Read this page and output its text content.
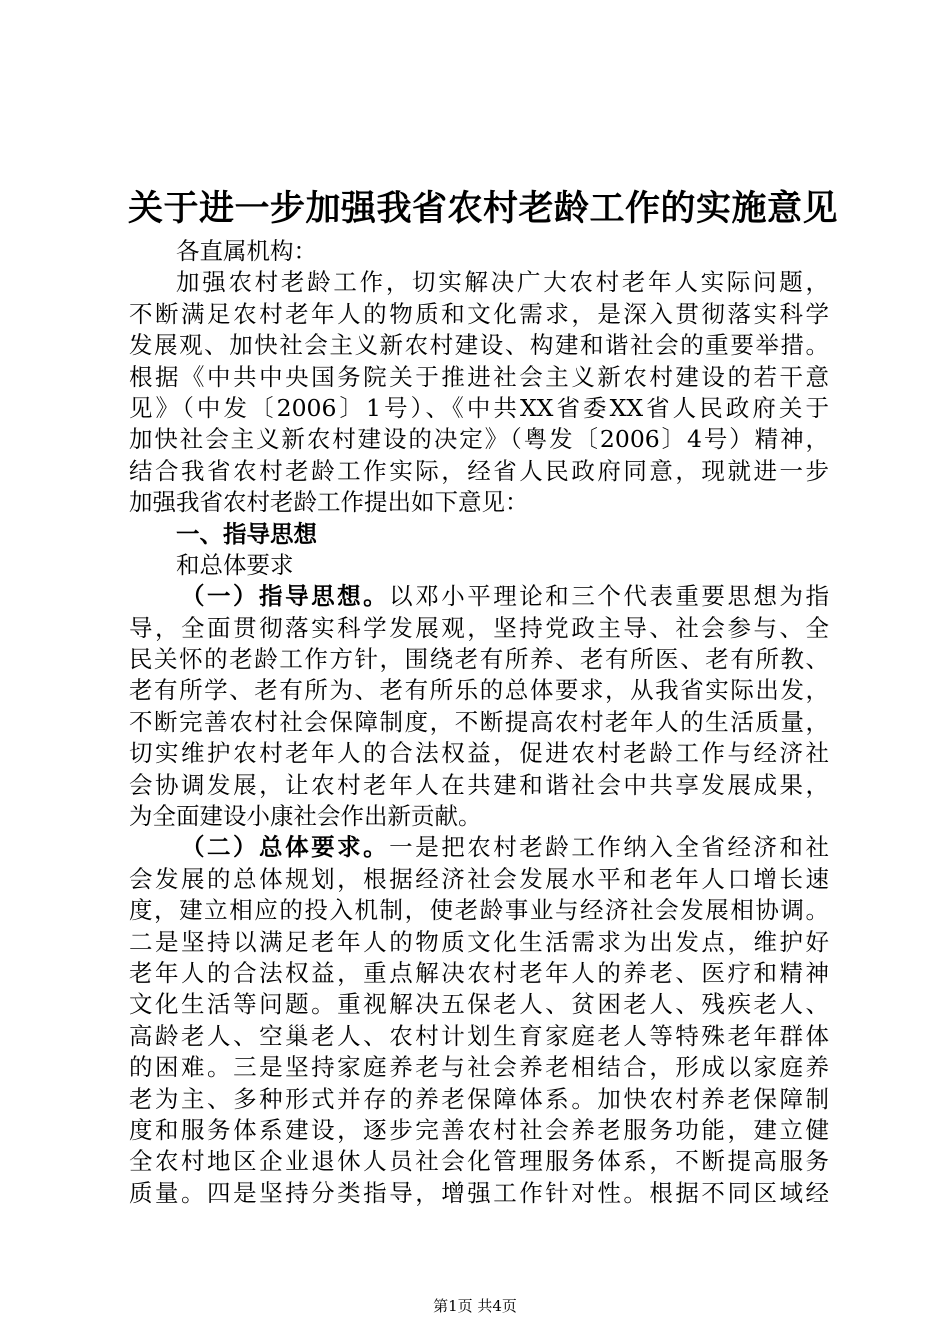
关于进一步加强我省农村老龄工作的实施意见
各直属机构：
加强农村老龄工作，切实解决广大农村老年人实际问题，
不断满足农村老年人的物质和文化需求，是深入贯彻落实科学
发展观、加快社会主义新农村建设、构建和谐社会的重要举措。
根据《中共中央国务院关于推进社会主义新农村建设的若干意
见》（中发〔2006〕1号）、《中共XX省委XX省人民政府关于
加快社会主义新农村建设的决定》（粤发〔2006〕4号）精神，
结合我省农村老龄工作实际，经省人民政府同意，现就进一步
加强我省农村老龄工作提出如下意见：
一、指导思想
和总体要求
（一）指导思想。以邓小平理论和三个代表重要思想为指
导，全面贯彻落实科学发展观，坚持党政主导、社会参与、全
民关怀的老龄工作方针，围绕老有所养、老有所医、老有所教、
老有所学、老有所为、老有所乐的总体要求，从我省实际出发，
不断完善农村社会保障制度，不断提高农村老年人的生活质量，
切实维护农村老年人的合法权益，促进农村老龄工作与经济社
会协调发展，让农村老年人在共建和谐社会中共享发展成果，
为全面建设小康社会作出新贡献。
（二）总体要求。一是把农村老龄工作纳入全省经济和社
会发展的总体规划，根据经济社会发展水平和老年人口增长速
度，建立相应的投入机制，使老龄事业与经济社会发展相协调。
二是坚持以满足老年人的物质文化生活需求为出发点，维护好
老年人的合法权益，重点解决农村老年人的养老、医疗和精神
文化生活等问题。重视解决五保老人、贫困老人、残疾老人、
高龄老人、空巢老人、农村计划生育家庭老人等特殊老年群体
的困难。三是坚持家庭养老与社会养老相结合，形成以家庭养
老为主、多种形式并存的养老保障体系。加快农村养老保障制
度和服务体系建设，逐步完善农村社会养老服务功能，建立健
全农村地区企业退休人员社会化管理服务体系，不断提高服务
质量。四是坚持分类指导，增强工作针对性。根据不同区域经
第1页 共4页
